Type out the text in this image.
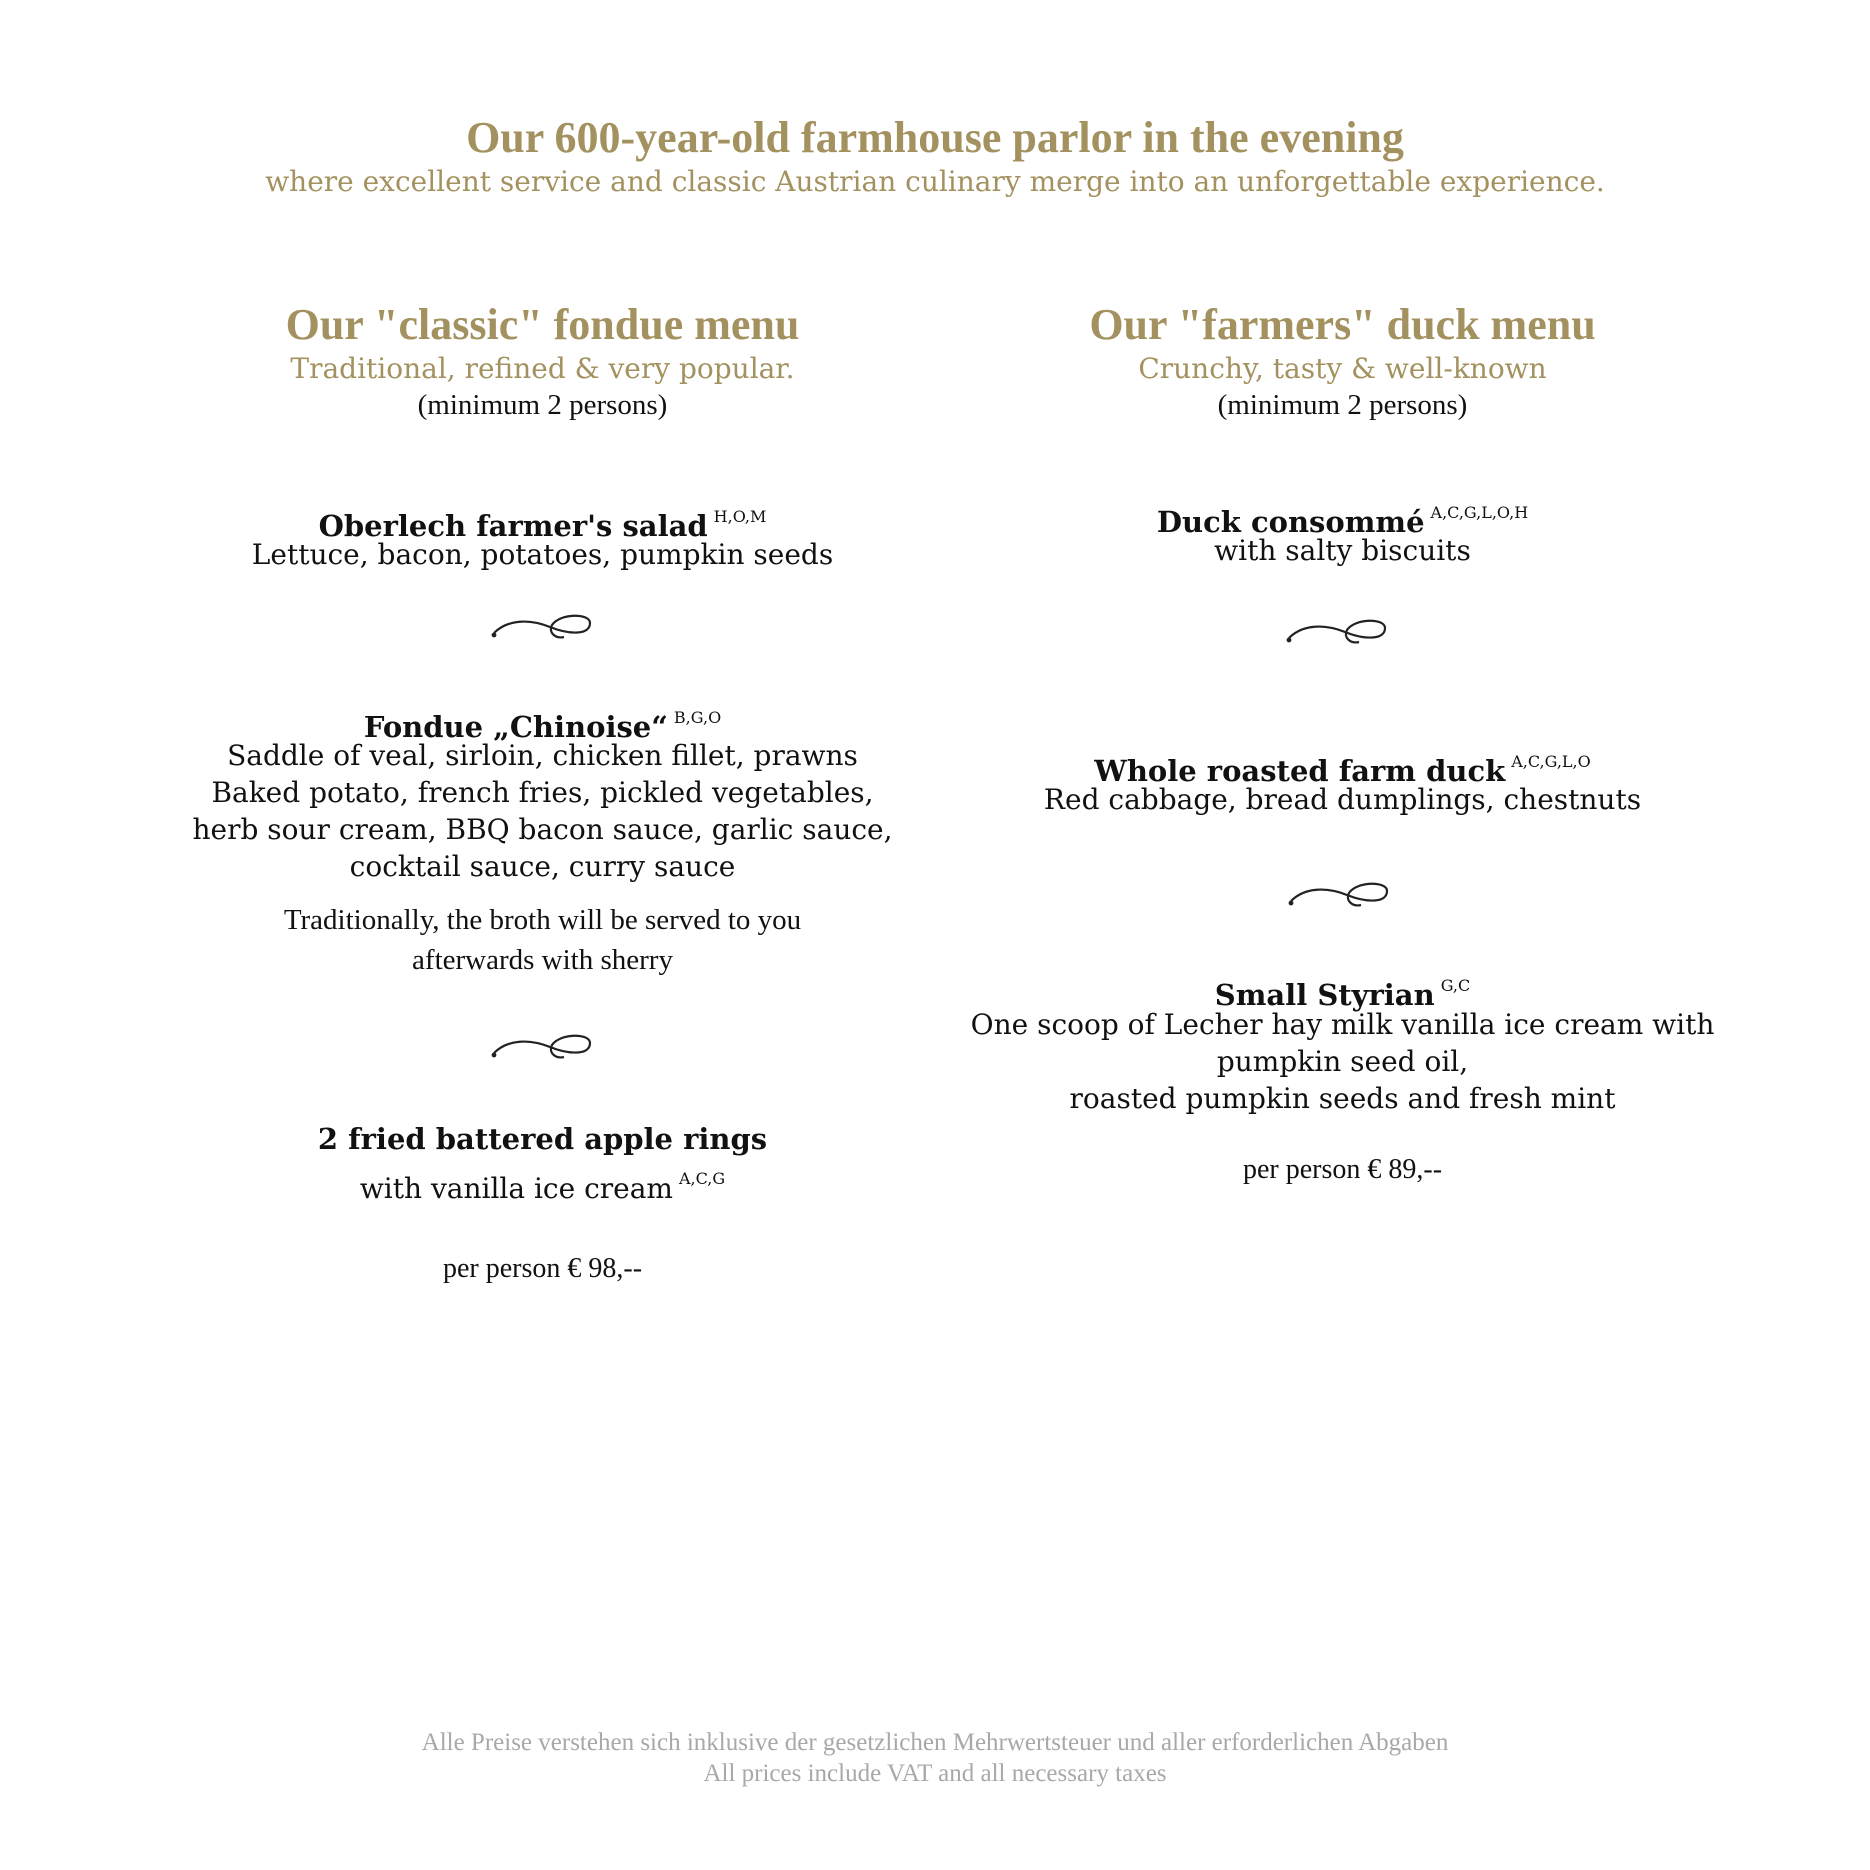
Our 600-year-old farmhouse parlor in the evening
where excellent service and classic Austrian culinary merge into an unforgettable experience.
Our "classic" fondue menu
Traditional, refined & very popular.
(minimum 2 persons)
Oberlech farmer's salad $^{H,O,M}$
Lettuce, bacon, potatoes, pumpkin seeds
Fondue „Chinoise“ $^{B,G,O}$
Saddle of veal, sirloin, chicken fillet, prawns
Baked potato, french fries, pickled vegetables,
herb sour cream, BBQ bacon sauce, garlic sauce,
cocktail sauce, curry sauce
Traditionally, the broth will be served to you
afterwards with sherry
2 fried battered apple rings
with vanilla ice cream $^{A,C,G}$
per person € 98,--
Our "farmers" duck menu
Crunchy, tasty & well-known
(minimum 2 persons)
Duck consommé $^{A,C,G,L,O,H}$
with salty biscuits
Whole roasted farm duck $^{A,C,G,L,O}$
Red cabbage, bread dumplings, chestnuts
Small Styrian $^{G,C}$
One scoop of Lecher hay milk vanilla ice cream with
pumpkin seed oil,
roasted pumpkin seeds and fresh mint
per person € 89,--
Alle Preise verstehen sich inklusive der gesetzlichen Mehrwertsteuer und aller erforderlichen Abgaben
All prices include VAT and all necessary taxes
